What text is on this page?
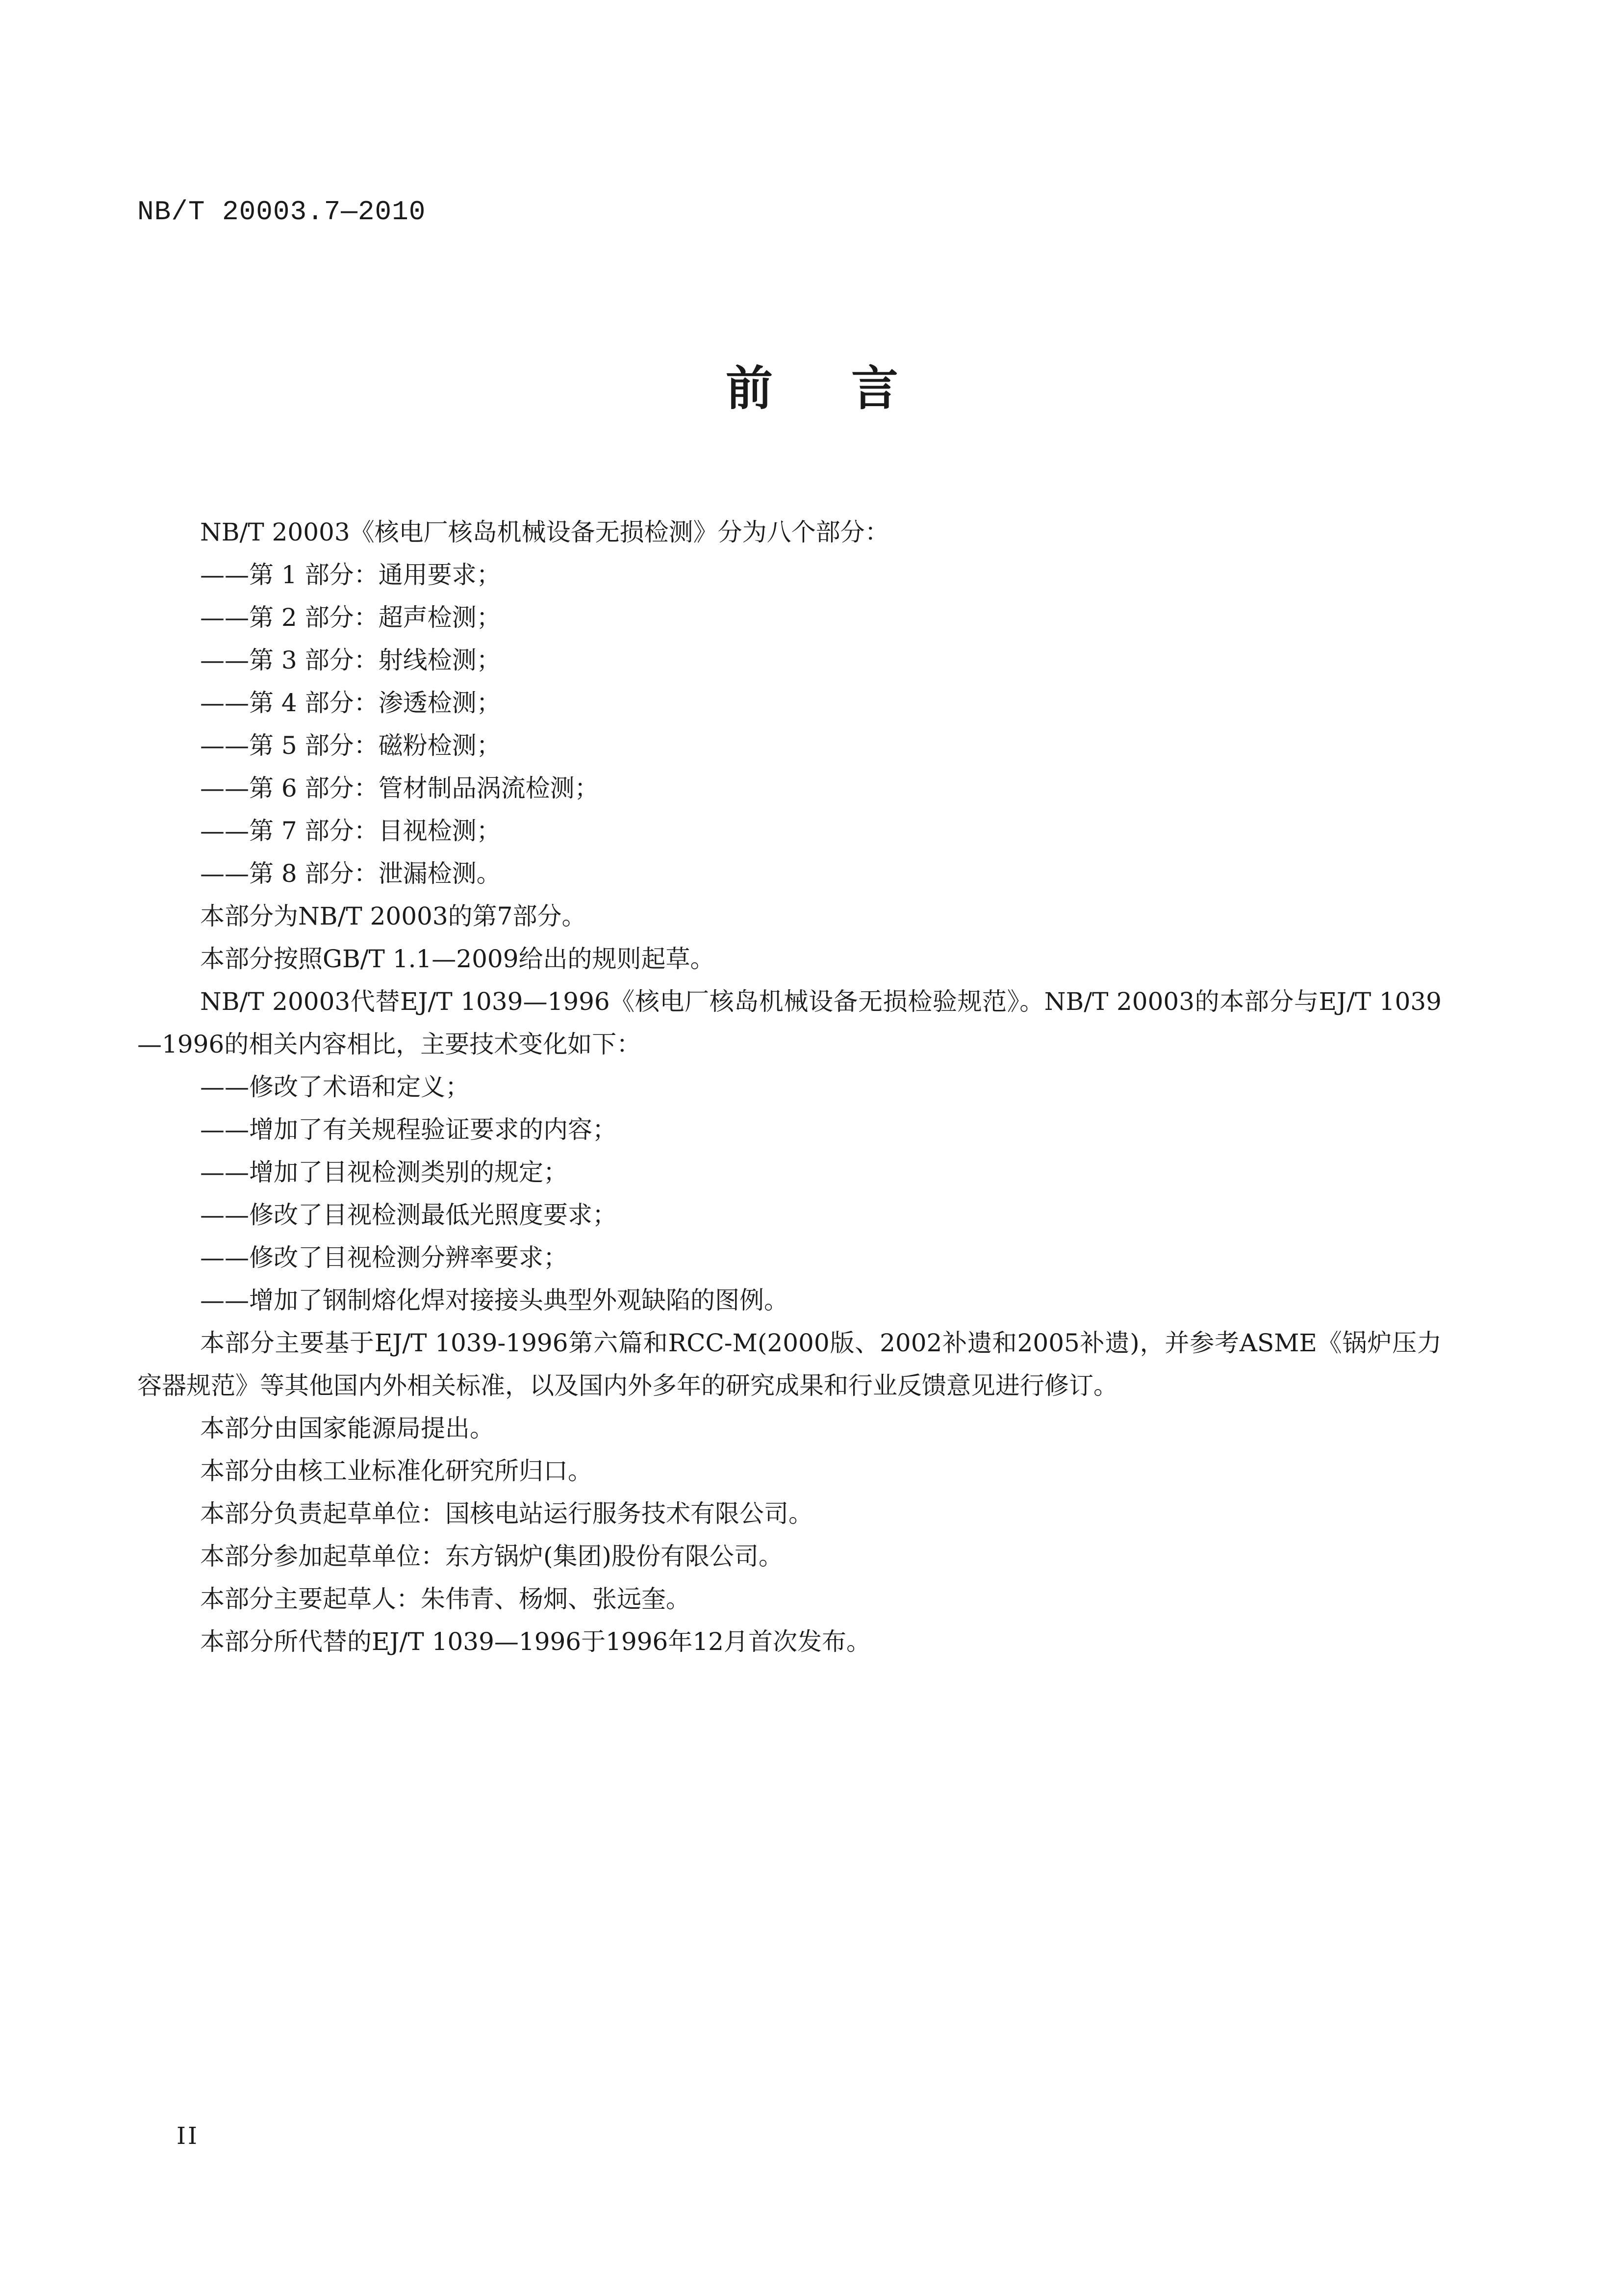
NB/T 20003.7—2010
前言

NB/T 20003《核电厂核岛机械设备无损检测》分为八个部分：

——第 1 部分：通用要求；

——第 2 部分：超声检测；

——第 3 部分：射线检测；

——第 4 部分：渗透检测；

——第 5 部分：磁粉检测；

——第 6 部分：管材制品涡流检测；

——第 7 部分：目视检测；

——第 8 部分：泄漏检测。

本部分为NB/T 20003的第7部分。

本部分按照GB/T 1.1—2009给出的规则起草。

NB/T 20003代替EJ/T 1039—1996《核电厂核岛机械设备无损检验规范》。NB/T 20003的本部分与EJ/T 1039—1996的相关内容相比，主要技术变化如下：

——修改了术语和定义；

——增加了有关规程验证要求的内容；

——增加了目视检测类别的规定；

——修改了目视检测最低光照度要求；

——修改了目视检测分辨率要求；

——增加了钢制熔化焊对接接头典型外观缺陷的图例。

本部分主要基于EJ/T 1039-1996第六篇和RCC-M(2000版、2002补遗和2005补遗)，并参考ASME《锅炉压力容器规范》等其他国内外相关标准，以及国内外多年的研究成果和行业反馈意见进行修订。

本部分由国家能源局提出。

本部分由核工业标准化研究所归口。

本部分负责起草单位：国核电站运行服务技术有限公司。

本部分参加起草单位：东方锅炉(集团)股份有限公司。

本部分主要起草人：朱伟青、杨炯、张远奎。

本部分所代替的EJ/T 1039—1996于1996年12月首次发布。

II
